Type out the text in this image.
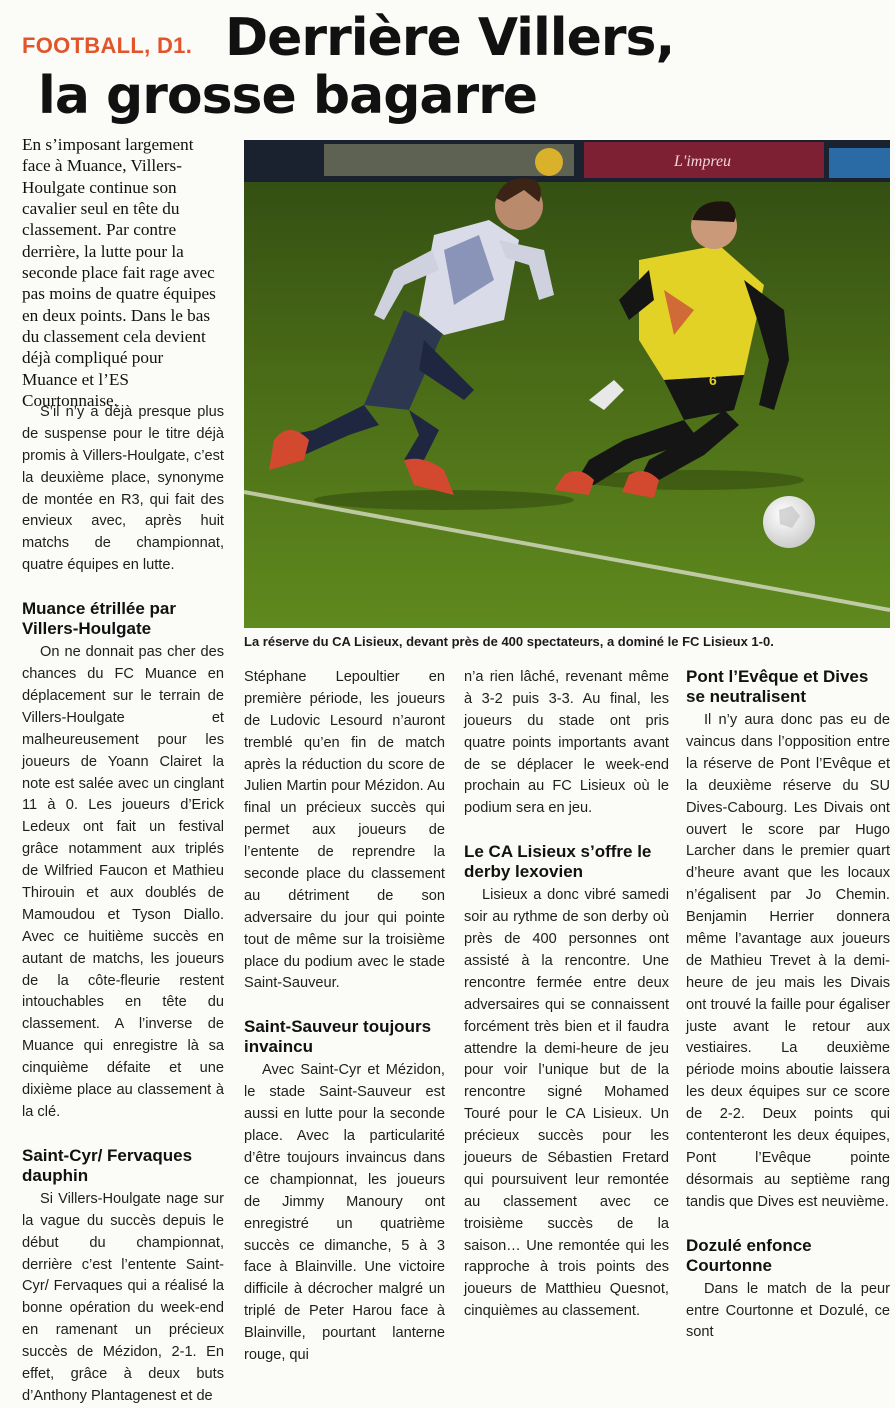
FOOTBALL, D1. Derrière Villers,
la grosse bagarre
En s’imposant largement face à Muance, Villers-Houlgate continue son cavalier seul en tête du classement. Par contre derrière, la lutte pour la seconde place fait rage avec pas moins de quatre équipes en deux points. Dans le bas du classement cela devient déjà compliqué pour Muance et l’ES Courtonnaise.
L'impreu
6
La réserve du CA Lisieux, devant près de 400 spectateurs, a dominé le FC Lisieux 1-0.

S’il n’y a déjà presque plus de suspense pour le titre déjà promis à Villers-Houlgate, c’est la deuxième place, synonyme de montée en R3, qui fait des envieux avec, après huit matchs de championnat, quatre équipes en lutte.

Muance étrillée par Villers-Houlgate

On ne donnait pas cher des chances du FC Muance en déplacement sur le terrain de Villers-Houlgate et malheureusement pour les joueurs de Yoann Clairet la note est salée avec un cinglant 11 à 0. Les joueurs d’Erick Ledeux ont fait un festival grâce notamment aux triplés de Wilfried Faucon et Mathieu Thirouin et aux doublés de Mamoudou et Tyson Diallo. Avec ce huitième succès en autant de matchs, les joueurs de la côte-fleurie restent intouchables en tête du classement. A l’inverse de Muance qui enregistre là sa cinquième défaite et une dixième place au classement à la clé.

Saint-Cyr/ Fervaques dauphin

Si Villers-Houlgate nage sur la vague du succès depuis le début du championnat, derrière c’est l’entente Saint-Cyr/ Fervaques qui a réalisé la bonne opération du week-end en ramenant un précieux succès de Mézidon, 2-1. En effet, grâce à deux buts d’Anthony Plantagenest et de

Stéphane Lepoultier en première période, les joueurs de Ludovic Lesourd n’auront tremblé qu’en fin de match après la réduction du score de Julien Martin pour Mézidon. Au final un précieux succès qui permet aux joueurs de l’entente de reprendre la seconde place du classement au détriment de son adversaire du jour qui pointe tout de même sur la troisième place du podium avec le stade Saint-Sauveur.

Saint-Sauveur toujours invaincu

Avec Saint-Cyr et Mézidon, le stade Saint-Sauveur est aussi en lutte pour la seconde place. Avec la particularité d’être toujours invaincus dans ce championnat, les joueurs de Jimmy Manoury ont enregistré un quatrième succès ce dimanche, 5 à 3 face à Blainville. Une victoire difficile à décrocher malgré un triplé de Peter Harou face à Blainville, pourtant lanterne rouge, qui

n’a rien lâché, revenant même à 3-2 puis 3-3. Au final, les joueurs du stade ont pris quatre points importants avant de se déplacer le week-end prochain au FC Lisieux où le podium sera en jeu.

Le CA Lisieux s’offre le derby lexovien

Lisieux a donc vibré samedi soir au rythme de son derby où près de 400 personnes ont assisté à la rencontre. Une rencontre fermée entre deux adversaires qui se connaissent forcément très bien et il faudra attendre la demi-heure de jeu pour voir l’unique but de la rencontre signé Mohamed Touré pour le CA Lisieux. Un précieux succès pour les joueurs de Sébastien Fretard qui poursuivent leur remontée au classement avec ce troisième succès de la saison… Une remontée qui les rapproche à trois points des joueurs de Matthieu Quesnot, cinquièmes au classement.

Pont l’Evêque et Dives se neutralisent

Il n’y aura donc pas eu de vaincus dans l’opposition entre la réserve de Pont l’Evêque et la deuxième réserve du SU Dives-Cabourg. Les Divais ont ouvert le score par Hugo Larcher dans le premier quart d’heure avant que les locaux n’égalisent par Jo Chemin. Benjamin Herrier donnera même l’avantage aux joueurs de Mathieu Trevet à la demi-heure de jeu mais les Divais ont trouvé la faille pour égaliser juste avant le retour aux vestiaires. La deuxième période moins aboutie laissera les deux équipes sur ce score de 2-2. Deux points qui contenteront les deux équipes, Pont l’Evêque pointe désormais au septième rang tandis que Dives est neuvième.

Dozulé enfonce Courtonne

Dans le match de la peur entre Courtonne et Dozulé, ce sont
